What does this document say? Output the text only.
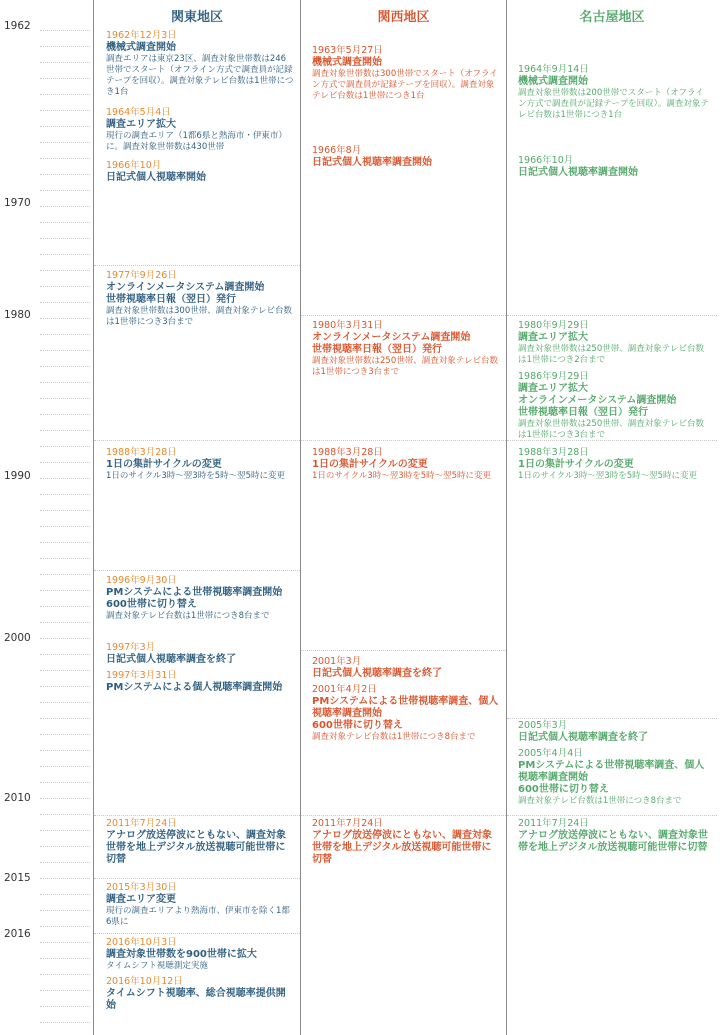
関東地区	関西地区	名古屋地区
1962
1970
1980
1990
2000
2010
2015
2016
1962年12月3日
機械式調査開始
調査エリアは東京23区、調査対象世帯数は246世帯でスタート（オフライン方式で調査員が記録テープを回収）。調査対象テレビ台数は1世帯につき1台
1964年5月4日
調査エリア拡大
現行の調査エリア（1都6県と熱海市・伊東市）に。調査対象世帯数は430世帯
1966年10月
日記式個人視聴率開始
1977年9月26日
オンラインメータシステム調査開始
世帯視聴率日報（翌日）発行
調査対象世帯数は300世帯、調査対象テレビ台数は1世帯につき3台まで
1988年3月28日
1日の集計サイクルの変更
1日のサイクル3時～翌3時を5時～翌5時に変更
1996年9月30日
PMシステムによる世帯視聴率調査開始
600世帯に切り替え
調査対象テレビ台数は1世帯につき8台まで
1997年3月
日記式個人視聴率調査を終了
1997年3月31日
PMシステムによる個人視聴率調査開始
2011年7月24日
アナログ放送停波にともない、調査対象世帯を地上デジタル放送視聴可能世帯に切替
2015年3月30日
調査エリア変更
現行の調査エリアより熱海市、伊東市を除く1都6県に
2016年10月3日
調査対象世帯数を900世帯に拡大
タイムシフト視聴測定実施
2016年10月12日
タイムシフト視聴率、総合視聴率提供開始
1963年5月27日
機械式調査開始
調査対象世帯数は300世帯でスタート（オフライン方式で調査員が記録テープを回収）。調査対象テレビ台数は1世帯につき1台
1966年8月
日記式個人視聴率調査開始
1980年3月31日
オンラインメータシステム調査開始
世帯視聴率日報（翌日）発行
調査対象世帯数は250世帯、調査対象テレビ台数は1世帯につき3台まで
1988年3月28日
1日の集計サイクルの変更
1日のサイクル3時～翌3時を5時～翌5時に変更
2001年3月
日記式個人視聴率調査を終了
2001年4月2日
PMシステムによる世帯視聴率調査、個人視聴率調査開始
600世帯に切り替え
調査対象テレビ台数は1世帯につき8台まで
2011年7月24日
アナログ放送停波にともない、調査対象世帯を地上デジタル放送視聴可能世帯に切替
1964年9月14日
機械式調査開始
調査対象世帯数は200世帯でスタート（オフライン方式で調査員が記録テープを回収）。調査対象テレビ台数は1世帯につき1台
1966年10月
日記式個人視聴率調査開始
1980年9月29日
調査エリア拡大
調査対象世帯数は250世帯、調査対象テレビ台数は1世帯につき2台まで
1986年9月29日
調査エリア拡大
オンラインメータシステム調査開始
世帯視聴率日報（翌日）発行
調査対象世帯数は250世帯、調査対象テレビ台数は1世帯につき3台まで
1988年3月28日
1日の集計サイクルの変更
1日のサイクル3時～翌3時を5時～翌5時に変更
2005年3月
日記式個人視聴率調査を終了
2005年4月4日
PMシステムによる世帯視聴率調査、個人視聴率調査開始
600世帯に切り替え
調査対象テレビ台数は1世帯につき8台まで
2011年7月24日
アナログ放送停波にともない、調査対象世帯を地上デジタル放送視聴可能世帯に切替
